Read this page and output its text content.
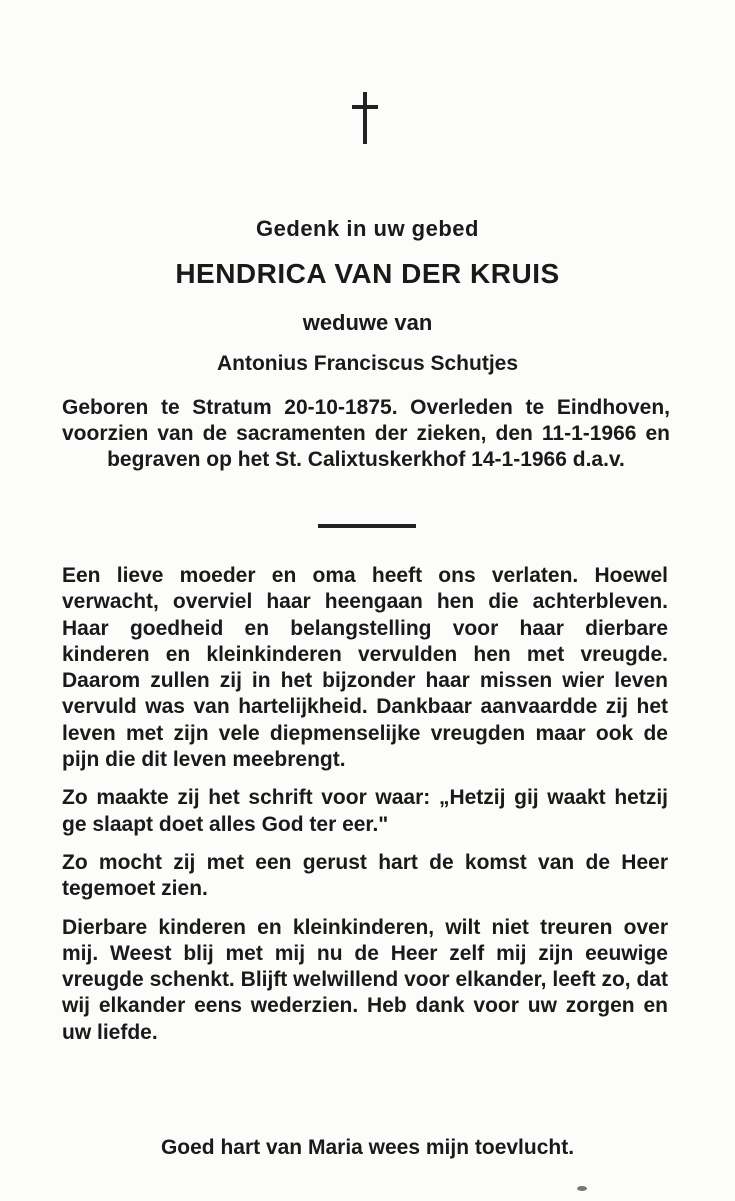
Gedenk in uw gebed
HENDRICA VAN DER KRUIS
weduwe van
Antonius Franciscus Schutjes
Geboren te Stratum 20-10-1875. Overleden te Eindhoven, voorzien van de sacramenten der zieken, den 11-1-1966 en begraven op het St. Calixtuskerkhof 14-1-1966 d.a.v.

Een lieve moeder en oma heeft ons verlaten. Hoewel verwacht, overviel haar heengaan hen die achterbleven. Haar goedheid en belangstelling voor haar dierbare kinderen en kleinkinderen vervulden hen met vreugde. Daarom zullen zij in het bijzonder haar missen wier leven vervuld was van hartelijkheid. Dankbaar aanvaardde zij het leven met zijn vele diepmenselijke vreugden maar ook de pijn die dit leven meebrengt.

Zo maakte zij het schrift voor waar: „Hetzij gij waakt hetzij ge slaapt doet alles God ter eer."

Zo mocht zij met een gerust hart de komst van de Heer tegemoet zien.

Dierbare kinderen en kleinkinderen, wilt niet treuren over mij. Weest blij met mij nu de Heer zelf mij zijn eeuwige vreugde schenkt. Blijft welwillend voor elkander, leeft zo, dat wij elkander eens wederzien. Heb dank voor uw zorgen en uw liefde.

Goed hart van Maria wees mijn toevlucht.
